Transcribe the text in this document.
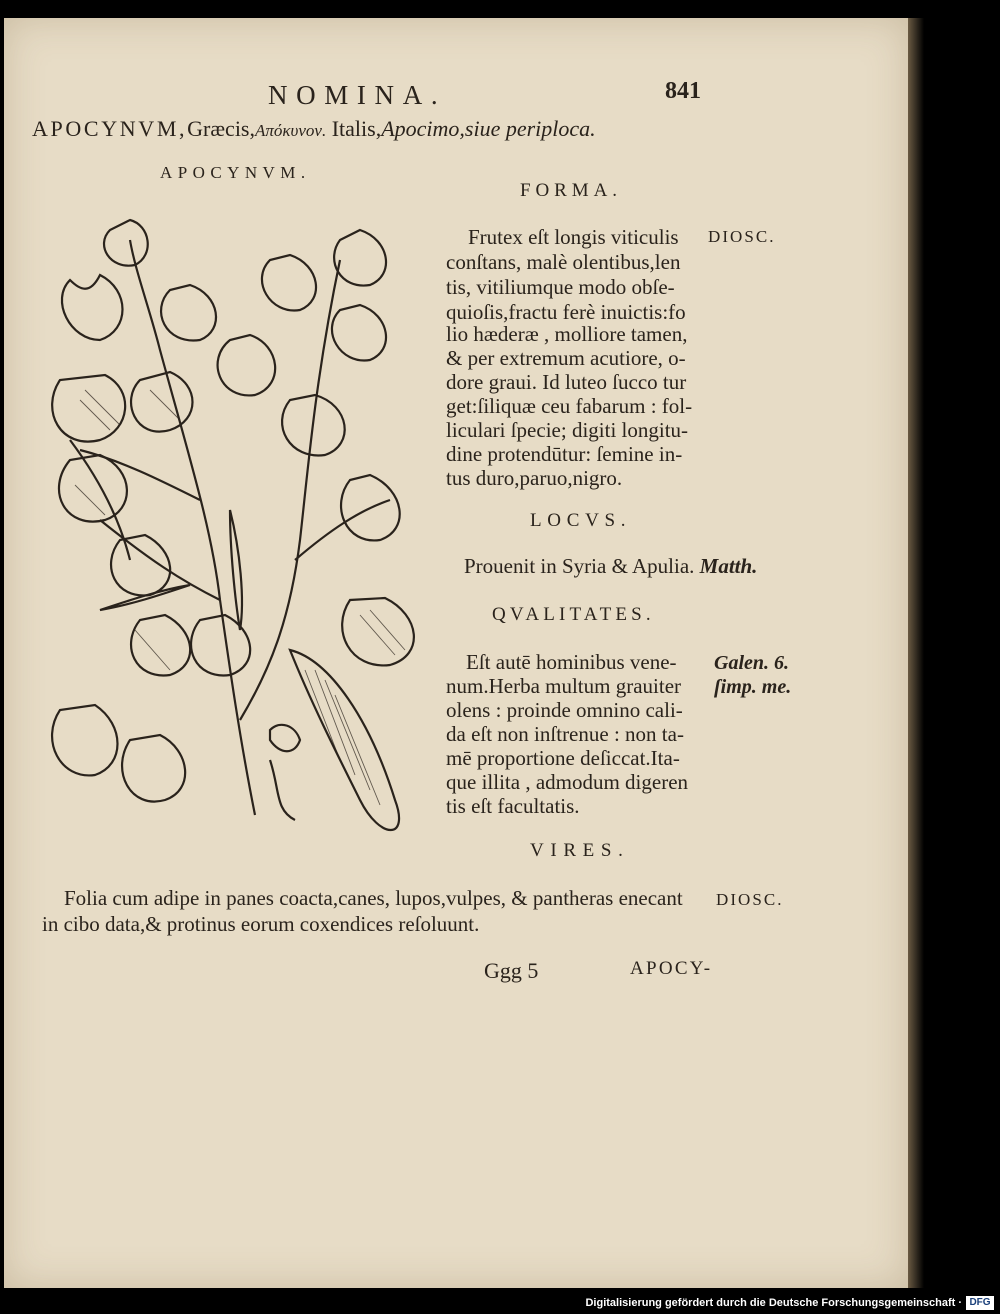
NOMINA.	841
APOCYNVM,Græcis,Απόκυνον. Italis,Apocimo,siue periploca.
APOCYNVM.
FORMA.
DIOSC.
Frutex eſt longis viticulis
conſtans, malè olentibus,len
tis, vitiliumque modo obſe-
quioſis,fractu ferè inuictis:fo
lio hæderæ , molliore tamen,
& per extremum acutiore, o-
dore graui. Id luteo ſucco tur
get:ſiliquæ ceu fabarum : fol-
liculari ſpecie; digiti longitu-
dine protendūtur: ſemine in-
tus duro,paruo,nigro.
LOCVS.
Prouenit in Syria & Apulia. Matth.
QVALITATES.
Galen. 6.
ſimp. me.
Eſt autē hominibus vene-
num.Herba multum grauiter
olens : proinde omnino cali-
da eſt non inſtrenue : non ta-
mē proportione deſiccat.Ita-
que illita , admodum digeren
tis eſt facultatis.
VIRES.
Folia cum adipe in panes coacta,canes, lupos,vulpes, & pantheras enecant DIOSC.
in cibo data,& protinus eorum coxendices reſoluunt.
Ggg 5	APOCY-
Digitalisierung gefördert durch die Deutsche Forschungsgemeinschaft · DFG
